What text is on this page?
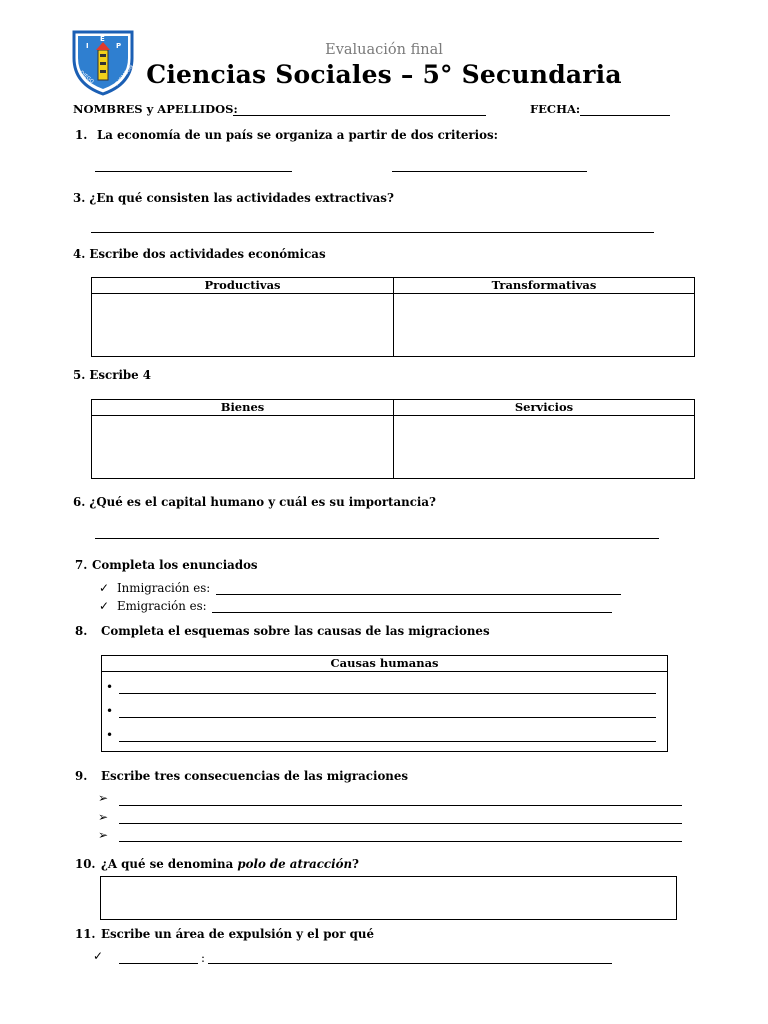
I
E
P
DIEGO	THOMSON
Evaluación final
Ciencias Sociales – 5° Secundaria
NOMBRES y APELLIDOS:	FECHA:
1. La economía de un país se organiza a partir de dos criterios:
3. ¿En qué consisten las actividades extractivas?
4. Escribe dos actividades económicas
Productivas	Transformativas

5. Escribe 4
Bienes	Servicios

6. ¿Qué es el capital humano y cuál es su importancia?
7. Completa los enunciados
✓ Inmigración es:
✓ Emigración es:
8. Completa el esquemas sobre las causas de las migraciones
Causas humanas
•
•
•
9. Escribe tres consecuencias de las migraciones
➢
➢
➢
10. ¿A qué se denomina polo de atracción?
11. Escribe un área de expulsión y el por qué
✓	:
